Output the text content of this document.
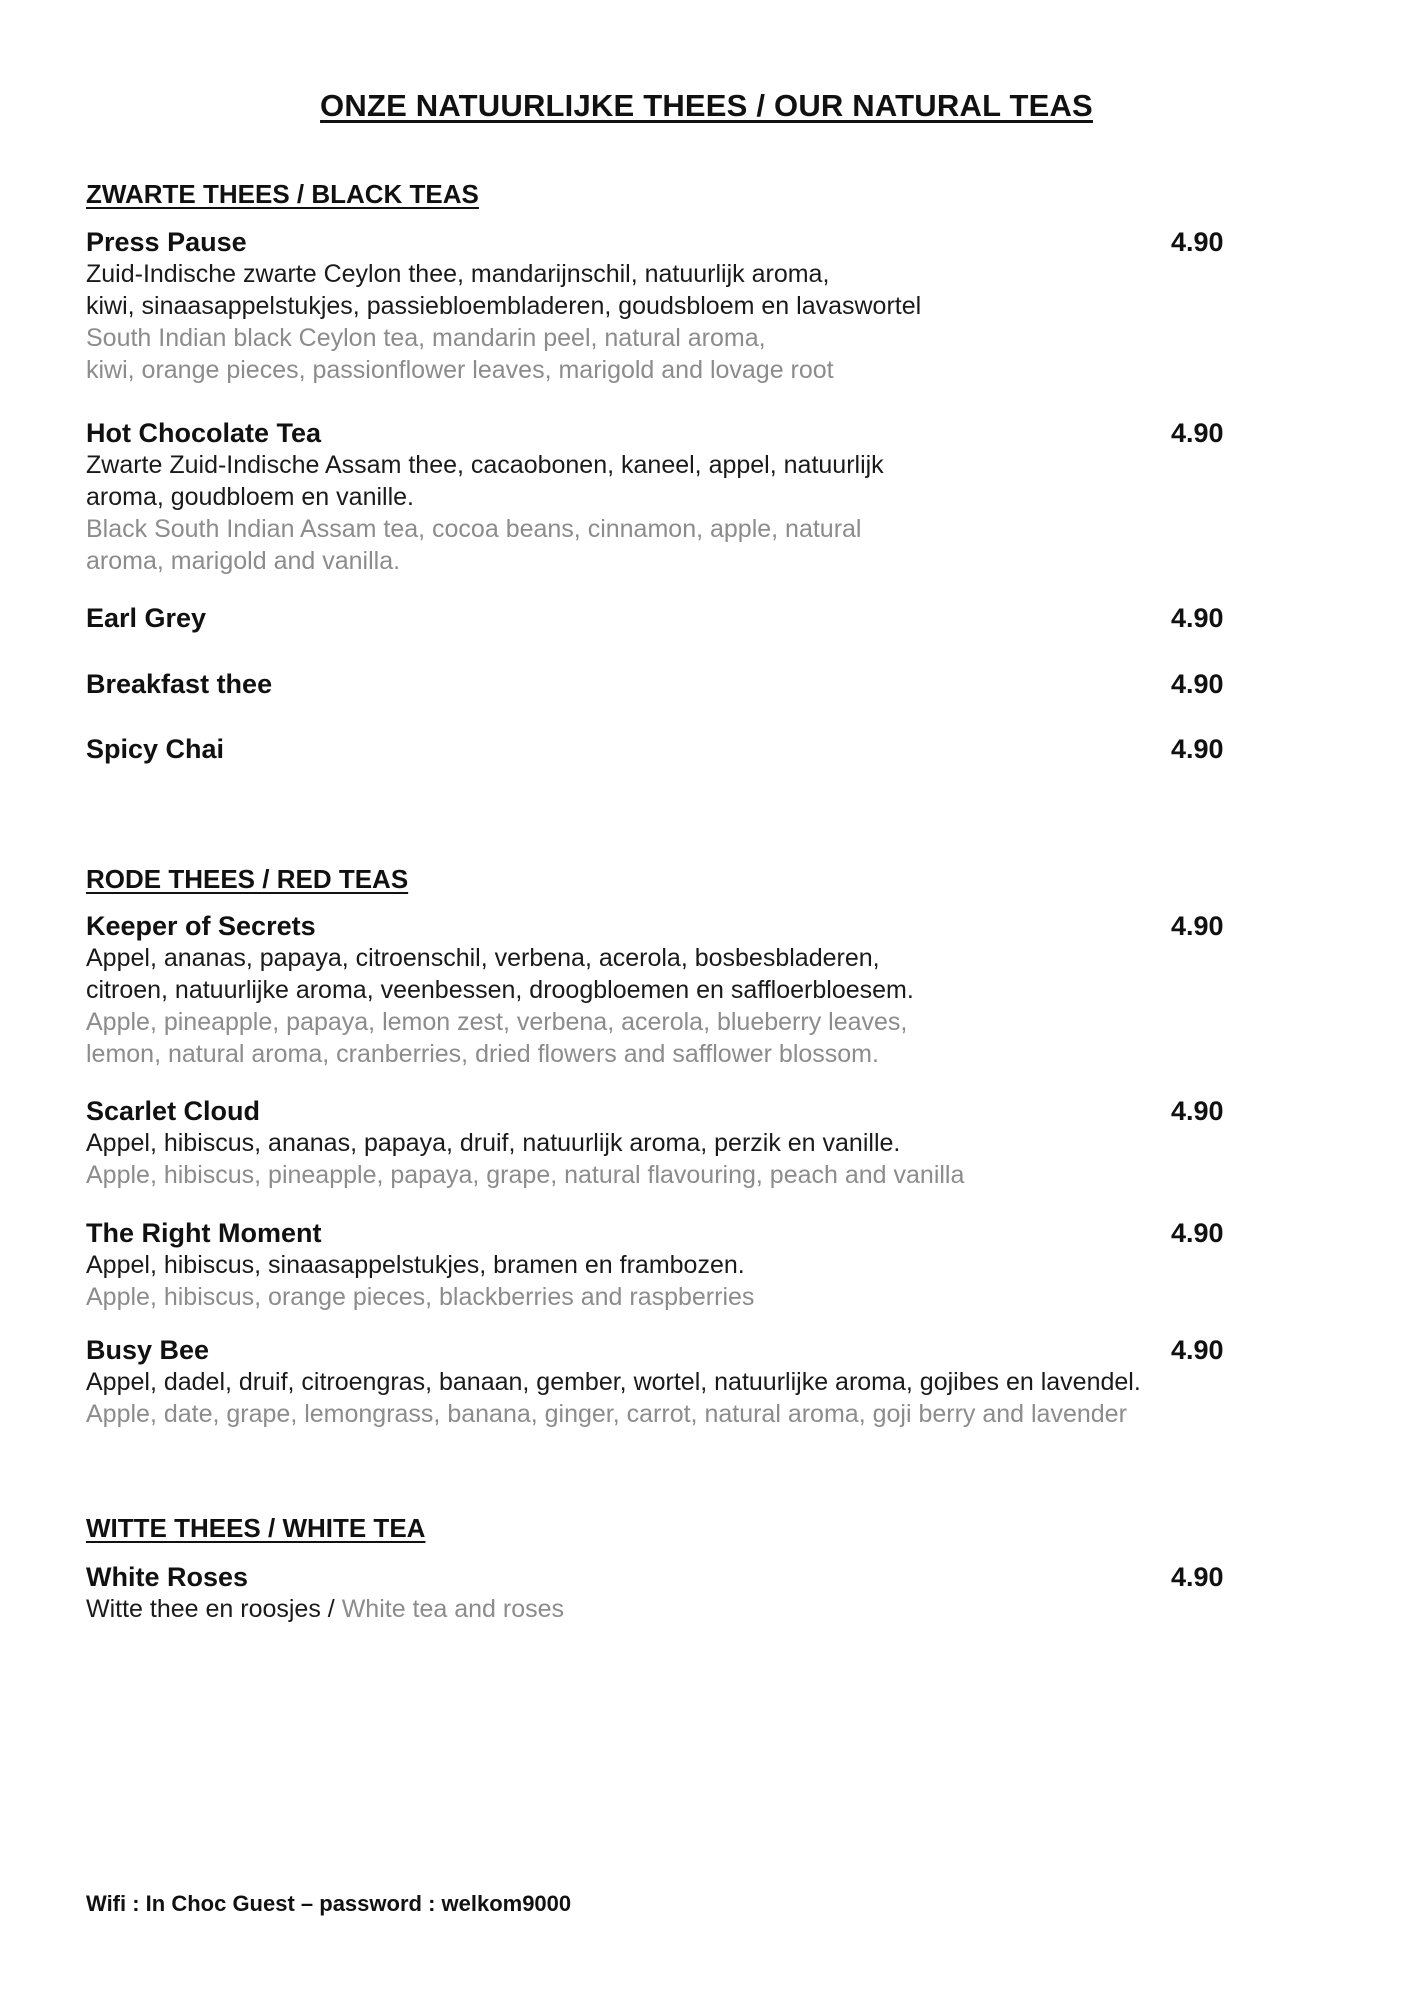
ONZE NATUURLIJKE THEES / OUR NATURAL TEAS
ZWARTE THEES / BLACK TEAS
Press Pause	4.90
Zuid-Indische zwarte Ceylon thee, mandarijnschil, natuurlijk aroma,
kiwi, sinaasappelstukjes, passiebloembladeren, goudsbloem en lavaswortel
South Indian black Ceylon tea, mandarin peel, natural aroma,
kiwi, orange pieces, passionflower leaves, marigold and lovage root
Hot Chocolate Tea	4.90
Zwarte Zuid-Indische Assam thee, cacaobonen, kaneel, appel, natuurlijk
aroma, goudbloem en vanille.
Black South Indian Assam tea, cocoa beans, cinnamon, apple, natural
aroma, marigold and vanilla.
Earl Grey	4.90
Breakfast thee	4.90
Spicy Chai	4.90
RODE THEES / RED TEAS
Keeper of Secrets	4.90
Appel, ananas, papaya, citroenschil, verbena, acerola, bosbesbladeren,
citroen, natuurlijke aroma, veenbessen, droogbloemen en saffloerbloesem.
Apple, pineapple, papaya, lemon zest, verbena, acerola, blueberry leaves,
lemon, natural aroma, cranberries, dried flowers and safflower blossom.
Scarlet Cloud	4.90
Appel, hibiscus, ananas, papaya, druif, natuurlijk aroma, perzik en vanille.
Apple, hibiscus, pineapple, papaya, grape, natural flavouring, peach and vanilla
The Right Moment	4.90
Appel, hibiscus, sinaasappelstukjes, bramen en frambozen.
Apple, hibiscus, orange pieces, blackberries and raspberries
Busy Bee	4.90
Appel, dadel, druif, citroengras, banaan, gember, wortel, natuurlijke aroma, gojibes en lavendel.
Apple, date, grape, lemongrass, banana, ginger, carrot, natural aroma, goji berry and lavender
WITTE THEES / WHITE TEA
White Roses	4.90
Witte thee en roosjes / White tea and roses

Wifi : In Choc Guest – password : welkom9000
